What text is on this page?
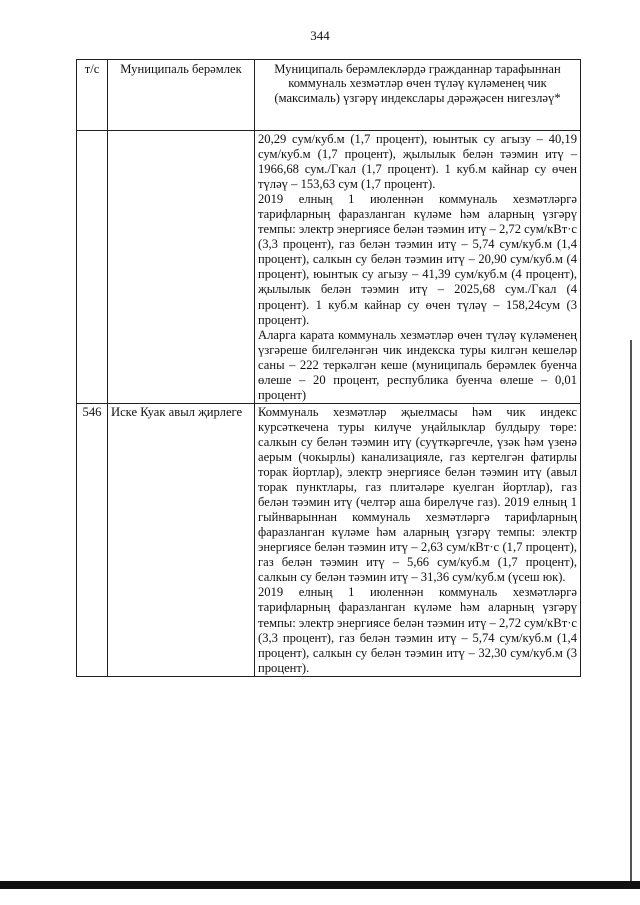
344
т/с	Муниципаль берәмлек	Муниципаль берәмлекләрдә гражданнар тарафыннан коммуналь хезмәтләр өчен түләү күләменең чик (максималь) үзгәрү индекслары дәрәҗәсен нигезләү*

		20,29 сум/куб.м (1,7 процент), юынтык су агызу – 40,19 сум/куб.м (1,7 процент), җылылык белән тәэмин итү – 1966,68 сум./Гкал (1,7 процент). 1 куб.м кайнар су өчен түләү – 153,63 сум (1,7 процент).

2019 елның 1 июленнән коммуналь хезмәтләргә тарифларның фаразланган күләме һәм аларның үзгәрү темпы: электр энергиясе белән тәэмин итү – 2,72 сум/кВт·с (3,3 процент), газ белән тәэмин итү – 5,74 сум/куб.м (1,4 процент), салкын су белән тәэмин итү – 20,90 сум/куб.м (4 процент), юынтык су агызу – 41,39 сум/куб.м (4 процент), җылылык белән тәэмин итү – 2025,68 сум./Гкал (4 процент). 1 куб.м кайнар су өчен түләү – 158,24сум (3 процент).

Аларга карата коммуналь хезмәтләр өчен түләү күләменең үзгәреше билгеләнгән чик индекска туры килгән кешеләр саны – 222 теркәлгән кеше (муниципаль берәмлек буенча өлеше – 20 процент, республика буенча өлеше – 0,01 процент)

546	Иске Куак авыл җирлеге	Коммуналь хезмәтләр җыелмасы һәм чик индекс курсәткечена туры килүче уңайлыклар булдыру төре: салкын су белән тәэмин итү (суүткәргечле, үзәк һәм үзенә аерым (чокырлы) канализацияле, газ кертелгән фатирлы торак йортлар), электр энергиясе белән тәэмин итү (авыл торак пунктлары, газ плитәләре куелган йортлар), газ белән тәэмин итү (челтәр аша бирелүче газ). 2019 елның 1 гыйнварыннан коммуналь хезмәтләргә тарифларның фаразланган күләме һәм аларның үзгәрү темпы: электр энергиясе белән тәэмин итү – 2,63 сум/кВт·с (1,7 процент), газ белән тәэмин итү – 5,66 сум/куб.м (1,7 процент), салкын су белән тәэмин итү – 31,36 сум/куб.м (үсеш юк).

2019 елның 1 июленнән коммуналь хезмәтләргә тарифларның фаразланган күләме һәм аларның үзгәрү темпы: электр энергиясе белән тәэмин итү – 2,72 сум/кВт·с (3,3 процент), газ белән тәэмин итү – 5,74 сум/куб.м (1,4 процент), салкын су белән тәэмин итү – 32,30 сум/куб.м (3 процент).
